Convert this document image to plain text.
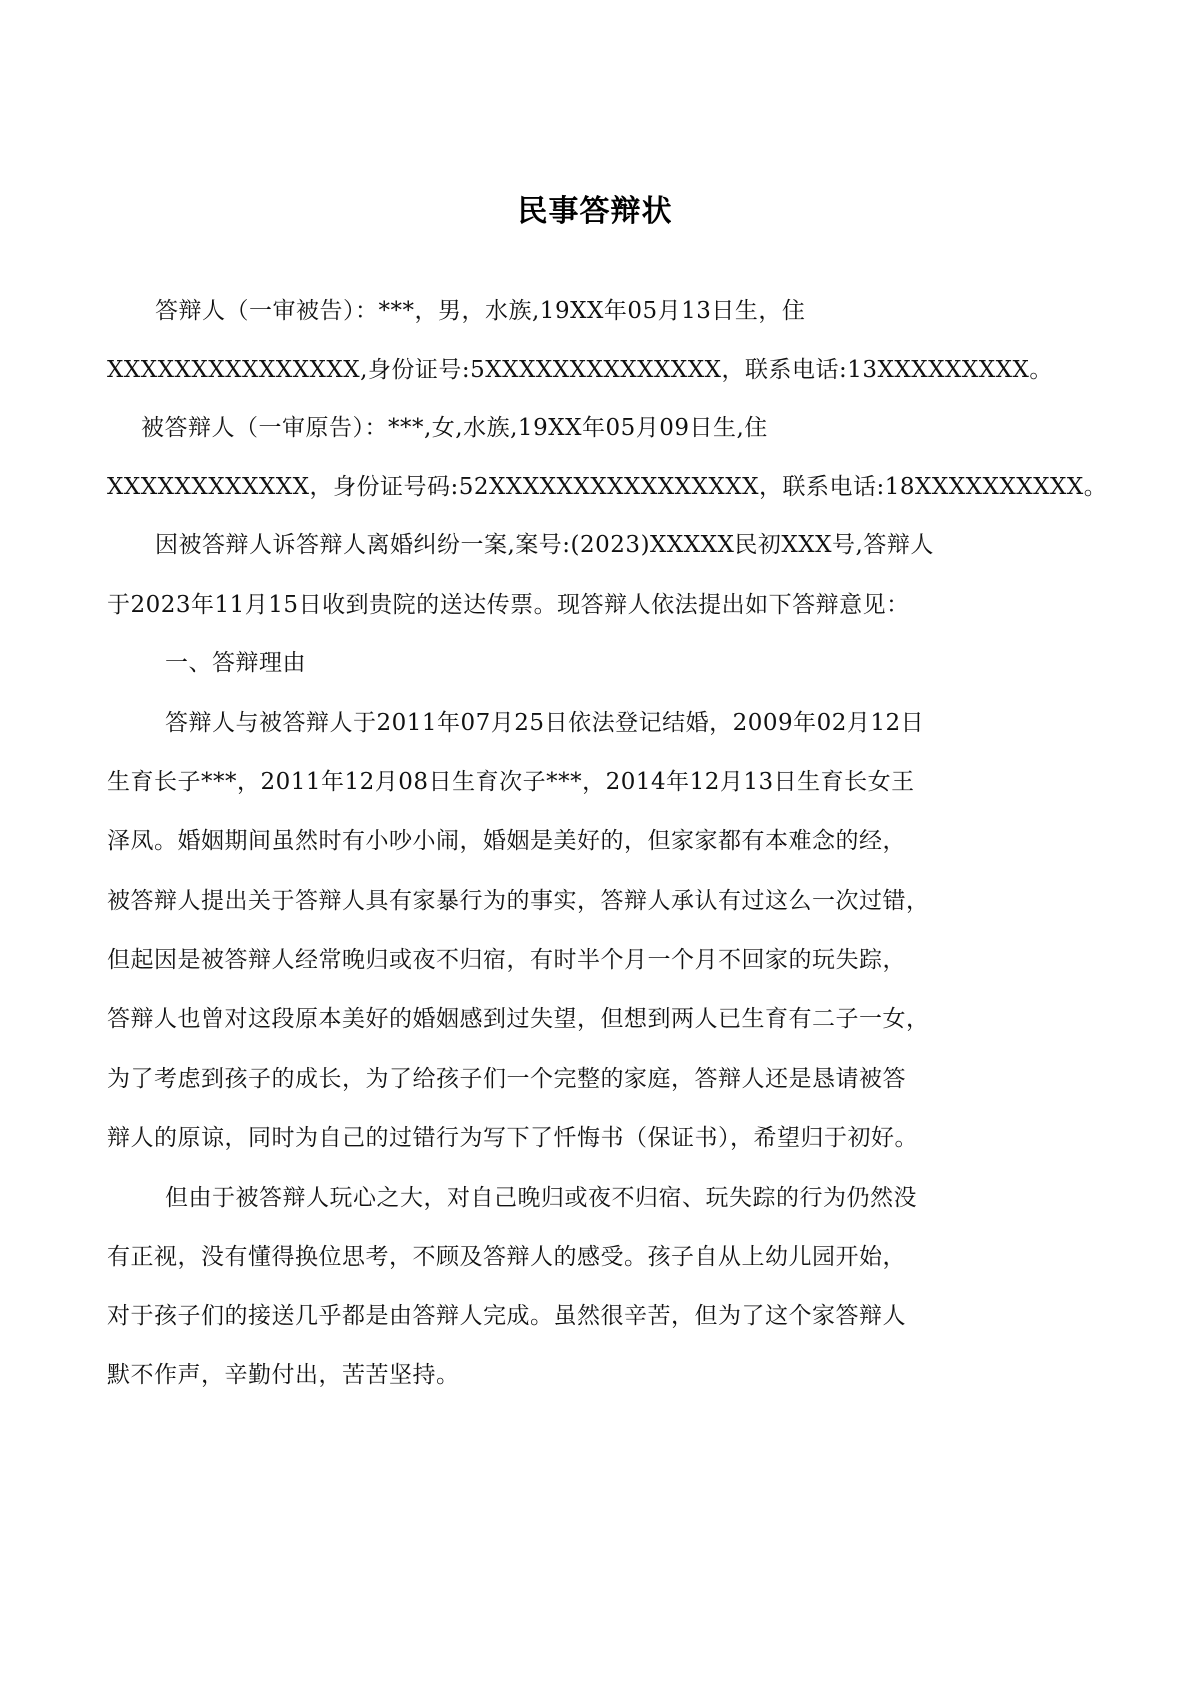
民事答辩状
答辩人（一审被告）：***，男，水族,19XX年05月13日生，住
XXXXXXXXXXXXXXX,身份证号:5XXXXXXXXXXXXXX，联系电话:13XXXXXXXXX。
被答辩人（一审原告）：***,女,水族,19XX年05月09日生,住
XXXXXXXXXXXX，身份证号码:52XXXXXXXXXXXXXXXX，联系电话:18XXXXXXXXXX。
因被答辩人诉答辩人离婚纠纷一案,案号:(2023)XXXXX民初XXX号,答辩人
于2023年11月15日收到贵院的送达传票。现答辩人依法提出如下答辩意见：
一、答辩理由
答辩人与被答辩人于2011年07月25日依法登记结婚，2009年02月12日
生育长子***，2011年12月08日生育次子***，2014年12月13日生育长女王
泽凤。婚姻期间虽然时有小吵小闹，婚姻是美好的，但家家都有本难念的经，
被答辩人提出关于答辩人具有家暴行为的事实，答辩人承认有过这么一次过错，
但起因是被答辩人经常晚归或夜不归宿，有时半个月一个月不回家的玩失踪，
答辩人也曾对这段原本美好的婚姻感到过失望，但想到两人已生育有二子一女，
为了考虑到孩子的成长，为了给孩子们一个完整的家庭，答辩人还是恳请被答
辩人的原谅，同时为自己的过错行为写下了忏悔书（保证书），希望归于初好。
但由于被答辩人玩心之大，对自己晚归或夜不归宿、玩失踪的行为仍然没
有正视，没有懂得换位思考，不顾及答辩人的感受。孩子自从上幼儿园开始，
对于孩子们的接送几乎都是由答辩人完成。虽然很辛苦，但为了这个家答辩人
默不作声，辛勤付出，苦苦坚持。
